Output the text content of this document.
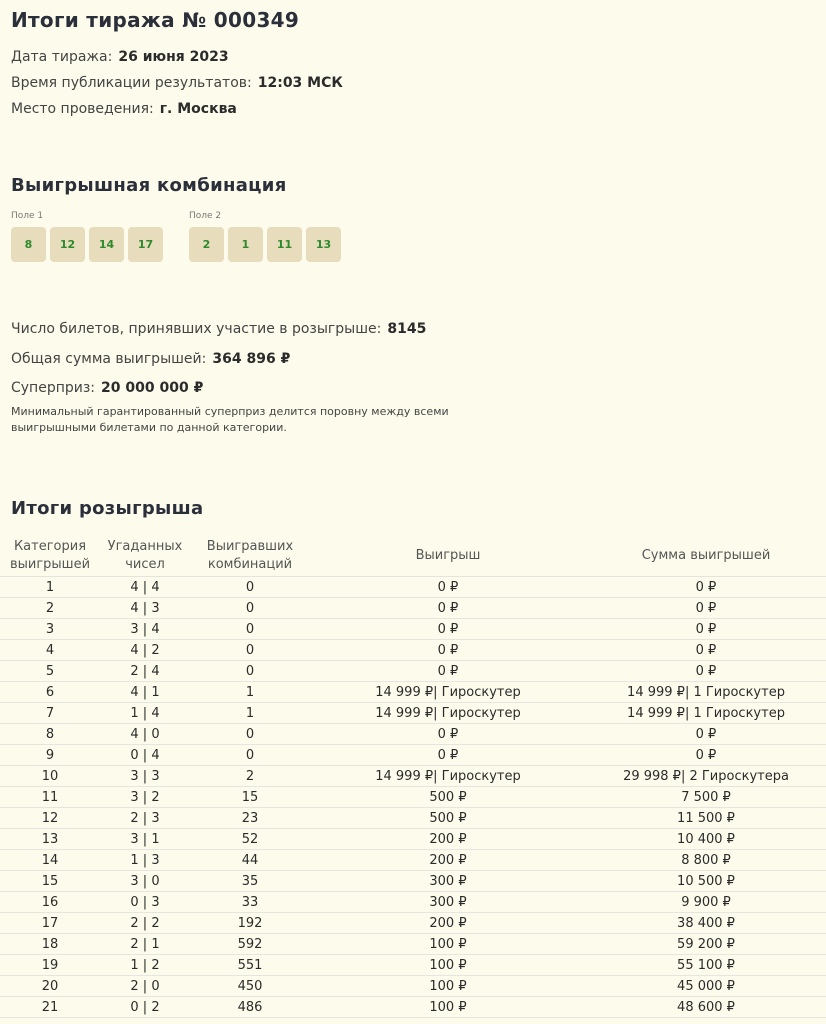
Итоги тиража № 000349
Дата тиража: 26 июня 2023
Время публикации результатов: 12:03 МСК
Место проведения: г. Москва
Выигрышная комбинация
Поле 1
8	12	14	17
Поле 2
2	1	11	13
Число билетов, принявших участие в розыгрыше: 8145
Общая сумма выигрышей: 364 896 ₽
Суперприз: 20 000 000 ₽
Минимальный гарантированный суперприз делится поровну между всеми выигрышными билетами по данной категории.
Итоги розыгрыша
Категория выигрышей	Угаданных чисел	Выигравших комбинаций	Выигрыш	Сумма выигрышей
1	4 | 4	0	0 ₽	0 ₽
2	4 | 3	0	0 ₽	0 ₽
3	3 | 4	0	0 ₽	0 ₽
4	4 | 2	0	0 ₽	0 ₽
5	2 | 4	0	0 ₽	0 ₽
6	4 | 1	1	14 999 ₽| Гироскутер	14 999 ₽| 1 Гироскутер
7	1 | 4	1	14 999 ₽| Гироскутер	14 999 ₽| 1 Гироскутер
8	4 | 0	0	0 ₽	0 ₽
9	0 | 4	0	0 ₽	0 ₽
10	3 | 3	2	14 999 ₽| Гироскутер	29 998 ₽| 2 Гироскутера
11	3 | 2	15	500 ₽	7 500 ₽
12	2 | 3	23	500 ₽	11 500 ₽
13	3 | 1	52	200 ₽	10 400 ₽
14	1 | 3	44	200 ₽	8 800 ₽
15	3 | 0	35	300 ₽	10 500 ₽
16	0 | 3	33	300 ₽	9 900 ₽
17	2 | 2	192	200 ₽	38 400 ₽
18	2 | 1	592	100 ₽	59 200 ₽
19	1 | 2	551	100 ₽	55 100 ₽
20	2 | 0	450	100 ₽	45 000 ₽
21	0 | 2	486	100 ₽	48 600 ₽
